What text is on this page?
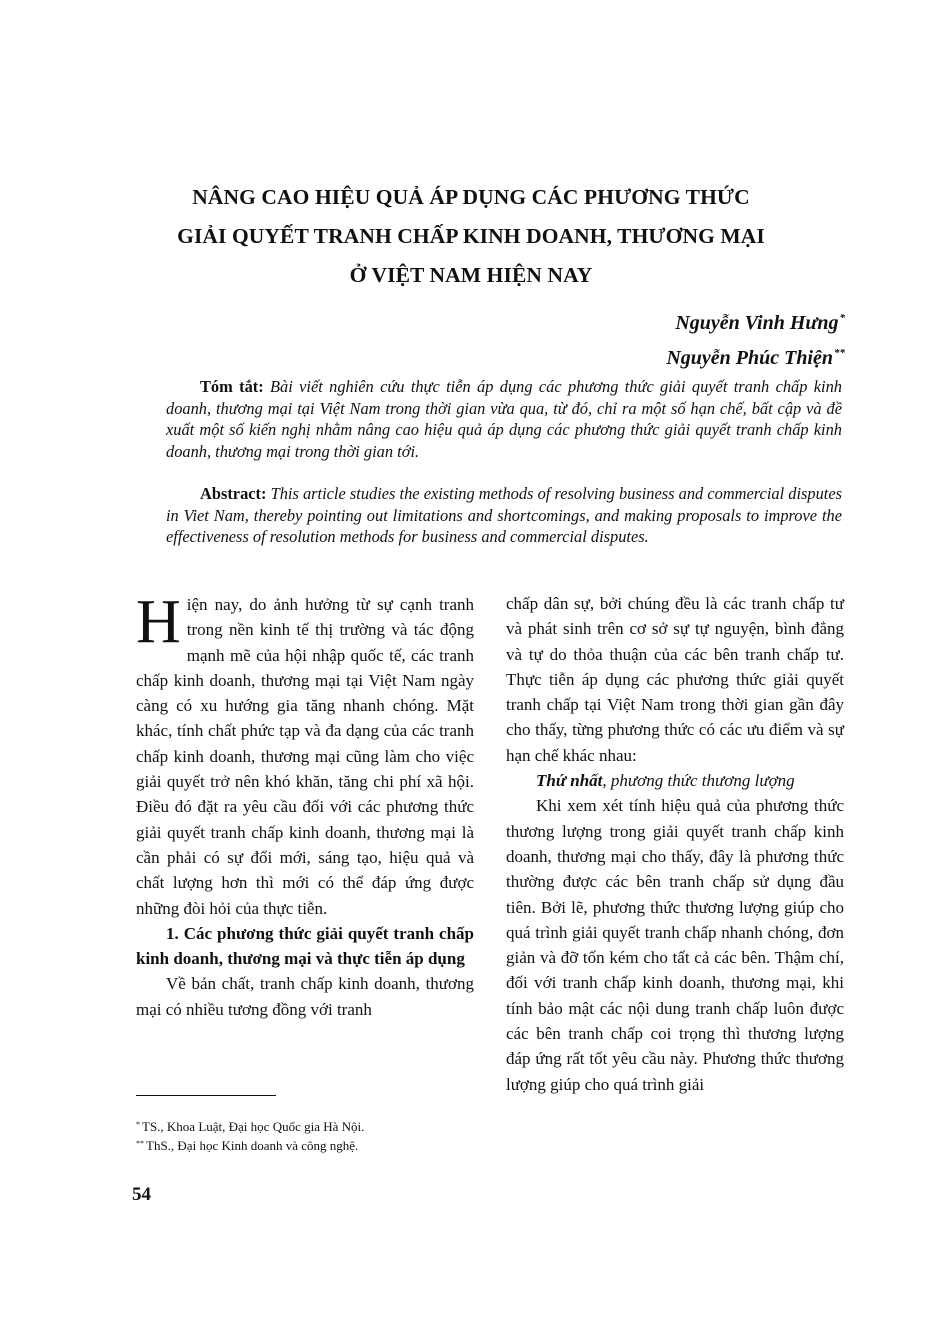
NÂNG CAO HIỆU QUẢ ÁP DỤNG CÁC PHƯƠNG THỨC
GIẢI QUYẾT TRANH CHẤP KINH DOANH, THƯƠNG MẠI
Ở VIỆT NAM HIỆN NAY
Nguyễn Vinh Hưng*
Nguyễn Phúc Thiện**
Tóm tắt: Bài viết nghiên cứu thực tiễn áp dụng các phương thức giải quyết tranh chấp kinh doanh, thương mại tại Việt Nam trong thời gian vừa qua, từ đó, chỉ ra một số hạn chế, bất cập và đề xuất một số kiến nghị nhằm nâng cao hiệu quả áp dụng các phương thức giải quyết tranh chấp kinh doanh, thương mại trong thời gian tới.
Abstract: This article studies the existing methods of resolving business and commercial disputes in Viet Nam, thereby pointing out limitations and shortcomings, and making proposals to improve the effectiveness of resolution methods for business and commercial disputes.

Hiện nay, do ảnh hưởng từ sự cạnh tranh trong nền kinh tế thị trường và tác động mạnh mẽ của hội nhập quốc tế, các tranh chấp kinh doanh, thương mại tại Việt Nam ngày càng có xu hướng gia tăng nhanh chóng. Mặt khác, tính chất phức tạp và đa dạng của các tranh chấp kinh doanh, thương mại cũng làm cho việc giải quyết trở nên khó khăn, tăng chi phí xã hội. Điều đó đặt ra yêu cầu đối với các phương thức giải quyết tranh chấp kinh doanh, thương mại là cần phải có sự đổi mới, sáng tạo, hiệu quả và chất lượng hơn thì mới có thể đáp ứng được những đòi hỏi của thực tiễn.

1. Các phương thức giải quyết tranh chấp kinh doanh, thương mại và thực tiễn áp dụng

Về bản chất, tranh chấp kinh doanh, thương mại có nhiều tương đồng với tranh

chấp dân sự, bởi chúng đều là các tranh chấp tư và phát sinh trên cơ sở sự tự nguyện, bình đẳng và tự do thỏa thuận của các bên tranh chấp tư. Thực tiễn áp dụng các phương thức giải quyết tranh chấp tại Việt Nam trong thời gian gần đây cho thấy, từng phương thức có các ưu điểm và sự hạn chế khác nhau:

Thứ nhất, phương thức thương lượng

Khi xem xét tính hiệu quả của phương thức thương lượng trong giải quyết tranh chấp kinh doanh, thương mại cho thấy, đây là phương thức thường được các bên tranh chấp sử dụng đầu tiên. Bởi lẽ, phương thức thương lượng giúp cho quá trình giải quyết tranh chấp nhanh chóng, đơn giản và đỡ tốn kém cho tất cả các bên. Thậm chí, đối với tranh chấp kinh doanh, thương mại, khi tính bảo mật các nội dung tranh chấp luôn được các bên tranh chấp coi trọng thì thương lượng đáp ứng rất tốt yêu cầu này. Phương thức thương lượng giúp cho quá trình giải

* TS., Khoa Luật, Đại học Quốc gia Hà Nội.
** ThS., Đại học Kinh doanh và công nghệ.
54
